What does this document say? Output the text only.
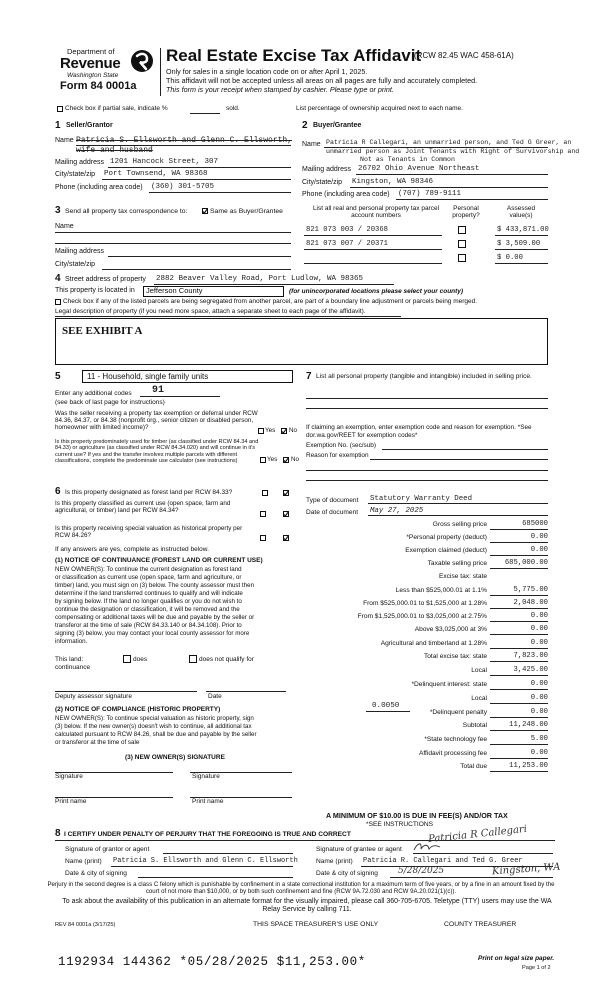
Department of
Revenue
Washington State
Form 84 0001a
Real Estate Excise Tax Affidavit
(RCW 82.45 WAC 458-61A)
Only for sales in a single location code on or after April 1, 2025.
This affidavit will not be accepted unless all areas on all pages are fully and accurately completed.
This form is your receipt when stamped by cashier. Please type or print.
Check box if partial sale, indicate %	sold.	List percentage of ownership acquired next to each name.
1 Seller/Grantor
Name Patricia S. Ellsworth and Glenn C. Ellsworth,
wife and husband
Mailing address 1201 Hancock Street, 307
City/state/zip Port Townsend, WA 98368
Phone (including area code) (360) 301-5705
2 Buyer/Grantee
Name Patricia R Callegari, an unmarried person, and Ted G Greer, an
unmarried person as Joint Tenants with Right of Survivorship and
Not as Tenants in Common
Mailing address 26702 Ohio Avenue Northeast
City/state/zip Kingston, WA 98346
Phone (including area code) (707) 789-9111
3 Send all property tax correspondence to:	Same as Buyer/Grantee
Name
Mailing address
City/state/zip
List all real and personal property tax parcel account numbers
Personal property?
Assessed value(s)
821 073 003 / 20368	$ 433,871.00
821 073 007 / 20371	$ 3,509.00
$ 0.00
4 Street address of property 2882 Beaver Valley Road, Port Ludlow, WA 98365
This property is located in Jefferson County	(for unincorporated locations please select your county)
Check box if any of the listed parcels are being segregated from another parcel, are part of a boundary line adjustment or parcels being merged.
Legal description of property (if you need more space, attach a separate sheet to each page of the affidavit).
SEE EXHIBIT A
5	11 - Household, single family units
Enter any additional codes 91
(see back of last page for instructions)
Was the seller receiving a property tax exemption or deferral under RCW 84.36, 84.37, or 84.38 (nonprofit org., senior citizen or disabled person, homeowner with limited income)?	Yes No
Is this property predominately used for timber (as classified under RCW 84.34 and 84.33) or agriculture (as classified under RCW 84.34.020) and will continue in it's current use? If yes and the transfer involves multiple parcels with different classifications, complete the predominate use calculator (see instructions)	Yes No
6 Is this property designated as forest land per RCW 84.33?
Is this property classified as current use (open space, farm and agricultural, or timber) land per RCW 84.34?
Is this property receiving special valuation as historical property per RCW 84.26?
If any answers are yes, complete as instructed below.
(1) NOTICE OF CONTINUANCE (FOREST LAND OR CURRENT USE)
NEW OWNER(S): To continue the current designation as forest land
or classification as current use (open space, farm and agriculture, or
timber) land, you must sign on (3) below. The county assessor must then
determine if the land transferred continues to qualify and will indicate
by signing below. If the land no longer qualifies or you do not wish to
continue the designation or classification, it will be removed and the
compensating or additional taxes will be due and payable by the seller or
transferor at the time of sale (RCW 84.33.140 or 84.34.108). Prior to
signing (3) below, you may contact your local county assessor for more
information.
This land:	does	does not qualify for
continuance
Deputy assessor signature	Date
(2) NOTICE OF COMPLIANCE (HISTORIC PROPERTY)
NEW OWNER(S): To continue special valuation as historic property, sign
(3) below. If the new owner(s) doesn't wish to continue, all additional tax
calculated pursuant to RCW 84.26, shall be due and payable by the seller
or transferor at the time of sale
(3) NEW OWNER(S) SIGNATURE
Signature	Signature
Print name	Print name
7 List all personal property (tangible and intangible) included in selling price.
If claiming an exemption, enter exemption code and reason for exemption. *See dor.wa.gov/REET for exemption codes*
Exemption No. (sec/sub)
Reason for exemption
Type of document Statutory Warranty Deed
Date of document May 27, 2025
Gross selling price	685000
*Personal property (deduct)	0.00
Exemption claimed (deduct)	0.00
Taxable selling price	685,000.00
Excise tax: state
Less than $525,000.01 at 1.1%	5,775.00
From $525,000.01 to $1,525,000 at 1.28%	2,048.00
From $1,525,000.01 to $3,025,000 at 2.75%	0.00
Above $3,025,000 at 3%	0.00
Agricultural and timberland at 1.28%	0.00
Total excise tax: state	7,823.00
Local	3,425.00
*Delinquent interest: state	0.00
Local	0.00
*Delinquent penalty	0.00
Subtotal	11,248.00
*State technology fee	5.00
Affidavit processing fee	0.00
Total due	11,253.00
0.0050
A MINIMUM OF $10.00 IS DUE IN FEE(S) AND/OR TAX
*SEE INSTRUCTIONS
8 I CERTIFY UNDER PENALTY OF PERJURY THAT THE FOREGOING IS TRUE AND CORRECT
Signature of grantor or agent	Signature of grantee or agent
Patricia R Callegari
Name (print) Patricia S. Ellsworth and Glenn C. Ellsworth	Name (print) Patricia R. Callegari and Ted G. Greer
Date & city of signing	Date & city of signing 5/28/2025	Kingston, WA
Perjury in the second degree is a class C felony which is punishable by confinement in a state correctional institution for a maximum term of five years, or by a fine in an amount fixed by the court of not more than $10,000, or by both such confinement and fine (RCW 9A.72.030 and RCW 9A.20.021(1)(c)).
To ask about the availability of this publication in an alternate format for the visually impaired, please call 360-705-6705. Teletype (TTY) users may use the WA Relay Service by calling 711.
REV 84 0001a (3/17/25)	THIS SPACE TREASURER'S USE ONLY	COUNTY TREASURER
1192934 144362 *05/28/2025 $11,253.00*	Print on legal size paper.
Page 1 of 2
